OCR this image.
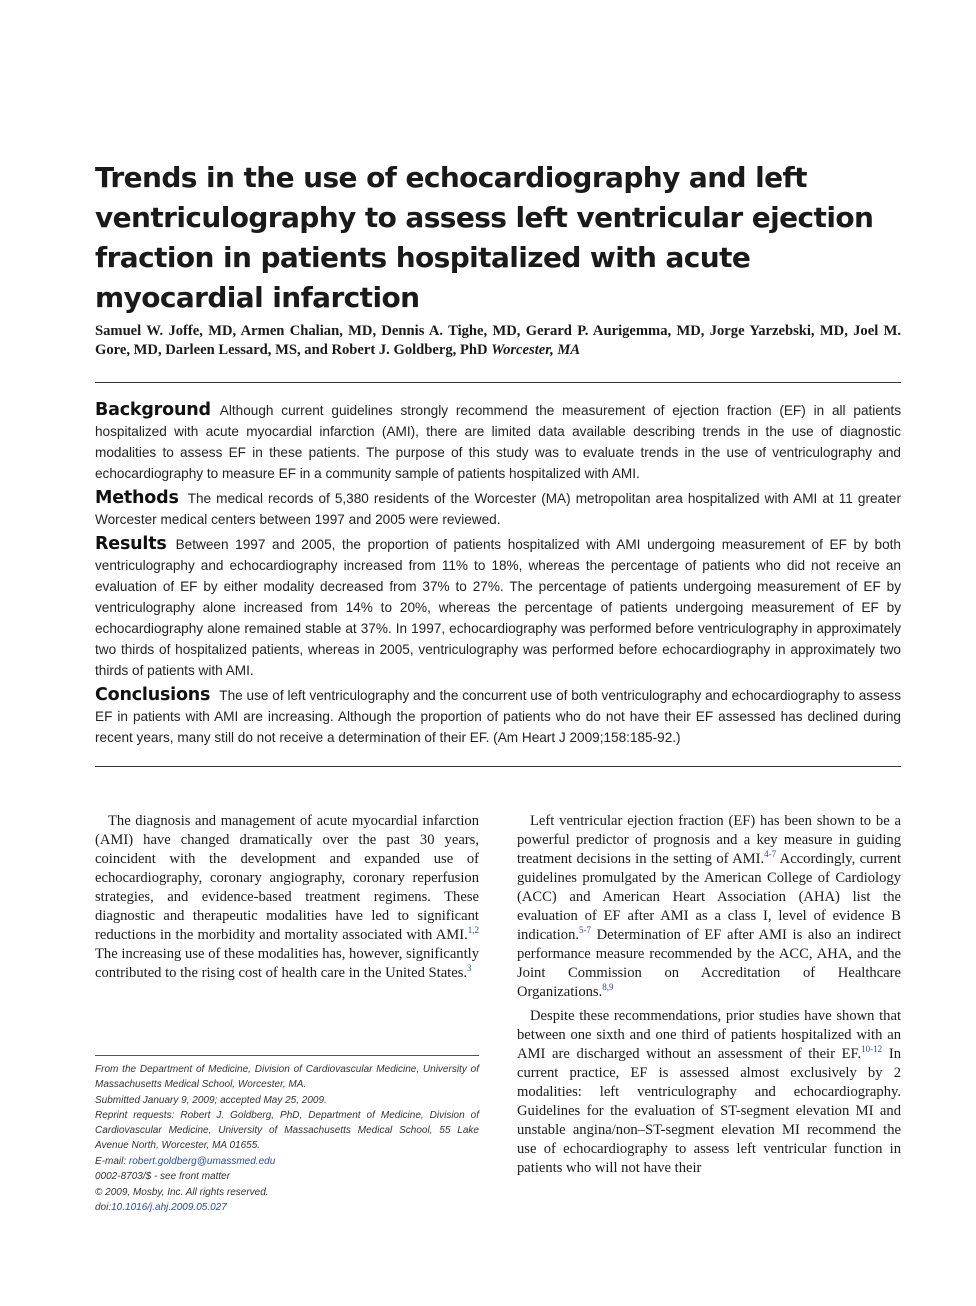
Trends in the use of echocardiography and left ventriculography to assess left ventricular ejection fraction in patients hospitalized with acute myocardial infarction
Samuel W. Joffe, MD, Armen Chalian, MD, Dennis A. Tighe, MD, Gerard P. Aurigemma, MD, Jorge Yarzebski, MD, Joel M. Gore, MD, Darleen Lessard, MS, and Robert J. Goldberg, PhD Worcester, MA

Background Although current guidelines strongly recommend the measurement of ejection fraction (EF) in all patients hospitalized with acute myocardial infarction (AMI), there are limited data available describing trends in the use of diagnostic modalities to assess EF in these patients. The purpose of this study was to evaluate trends in the use of ventriculography and echocardiography to measure EF in a community sample of patients hospitalized with AMI.

Methods The medical records of 5,380 residents of the Worcester (MA) metropolitan area hospitalized with AMI at 11 greater Worcester medical centers between 1997 and 2005 were reviewed.

Results Between 1997 and 2005, the proportion of patients hospitalized with AMI undergoing measurement of EF by both ventriculography and echocardiography increased from 11% to 18%, whereas the percentage of patients who did not receive an evaluation of EF by either modality decreased from 37% to 27%. The percentage of patients undergoing measurement of EF by ventriculography alone increased from 14% to 20%, whereas the percentage of patients undergoing measurement of EF by echocardiography alone remained stable at 37%. In 1997, echocardiography was performed before ventriculography in approximately two thirds of hospitalized patients, whereas in 2005, ventriculography was performed before echocardiography in approximately two thirds of patients with AMI.

Conclusions The use of left ventriculography and the concurrent use of both ventriculography and echocardiography to assess EF in patients with AMI are increasing. Although the proportion of patients who do not have their EF assessed has declined during recent years, many still do not receive a determination of their EF. (Am Heart J 2009;158:185-92.)

The diagnosis and management of acute myocardial infarction (AMI) have changed dramatically over the past 30 years, coincident with the development and expanded use of echocardiography, coronary angiography, coronary reperfusion strategies, and evidence-based treatment regimens. These diagnostic and therapeutic modalities have led to significant reductions in the morbidity and mortality associated with AMI.$^{1,2}$ The increasing use of these modalities has, however, significantly contributed to the rising cost of health care in the United States.$^3$

From the Department of Medicine, Division of Cardiovascular Medicine, University of Massachusetts Medical School, Worcester, MA.

Submitted January 9, 2009; accepted May 25, 2009.

Reprint requests: Robert J. Goldberg, PhD, Department of Medicine, Division of Cardiovascular Medicine, University of Massachusetts Medical School, 55 Lake Avenue North, Worcester, MA 01655.

E-mail: robert.goldberg@umassmed.edu

0002-8703/$ - see front matter

© 2009, Mosby, Inc. All rights reserved.

doi:10.1016/j.ahj.2009.05.027

Left ventricular ejection fraction (EF) has been shown to be a powerful predictor of prognosis and a key measure in guiding treatment decisions in the setting of AMI.$^{4-7}$ Accordingly, current guidelines promulgated by the American College of Cardiology (ACC) and American Heart Association (AHA) list the evaluation of EF after AMI as a class I, level of evidence B indication.$^{5-7}$ Determination of EF after AMI is also an indirect performance measure recommended by the ACC, AHA, and the Joint Commission on Accreditation of Healthcare Organizations.$^{8,9}$

Despite these recommendations, prior studies have shown that between one sixth and one third of patients hospitalized with an AMI are discharged without an assessment of their EF.$^{10-12}$ In current practice, EF is assessed almost exclusively by 2 modalities: left ventriculography and echocardiography. Guidelines for the evaluation of ST-segment elevation MI and unstable angina/non–ST-segment elevation MI recommend the use of echocardiography to assess left ventricular function in patients who will not have their
